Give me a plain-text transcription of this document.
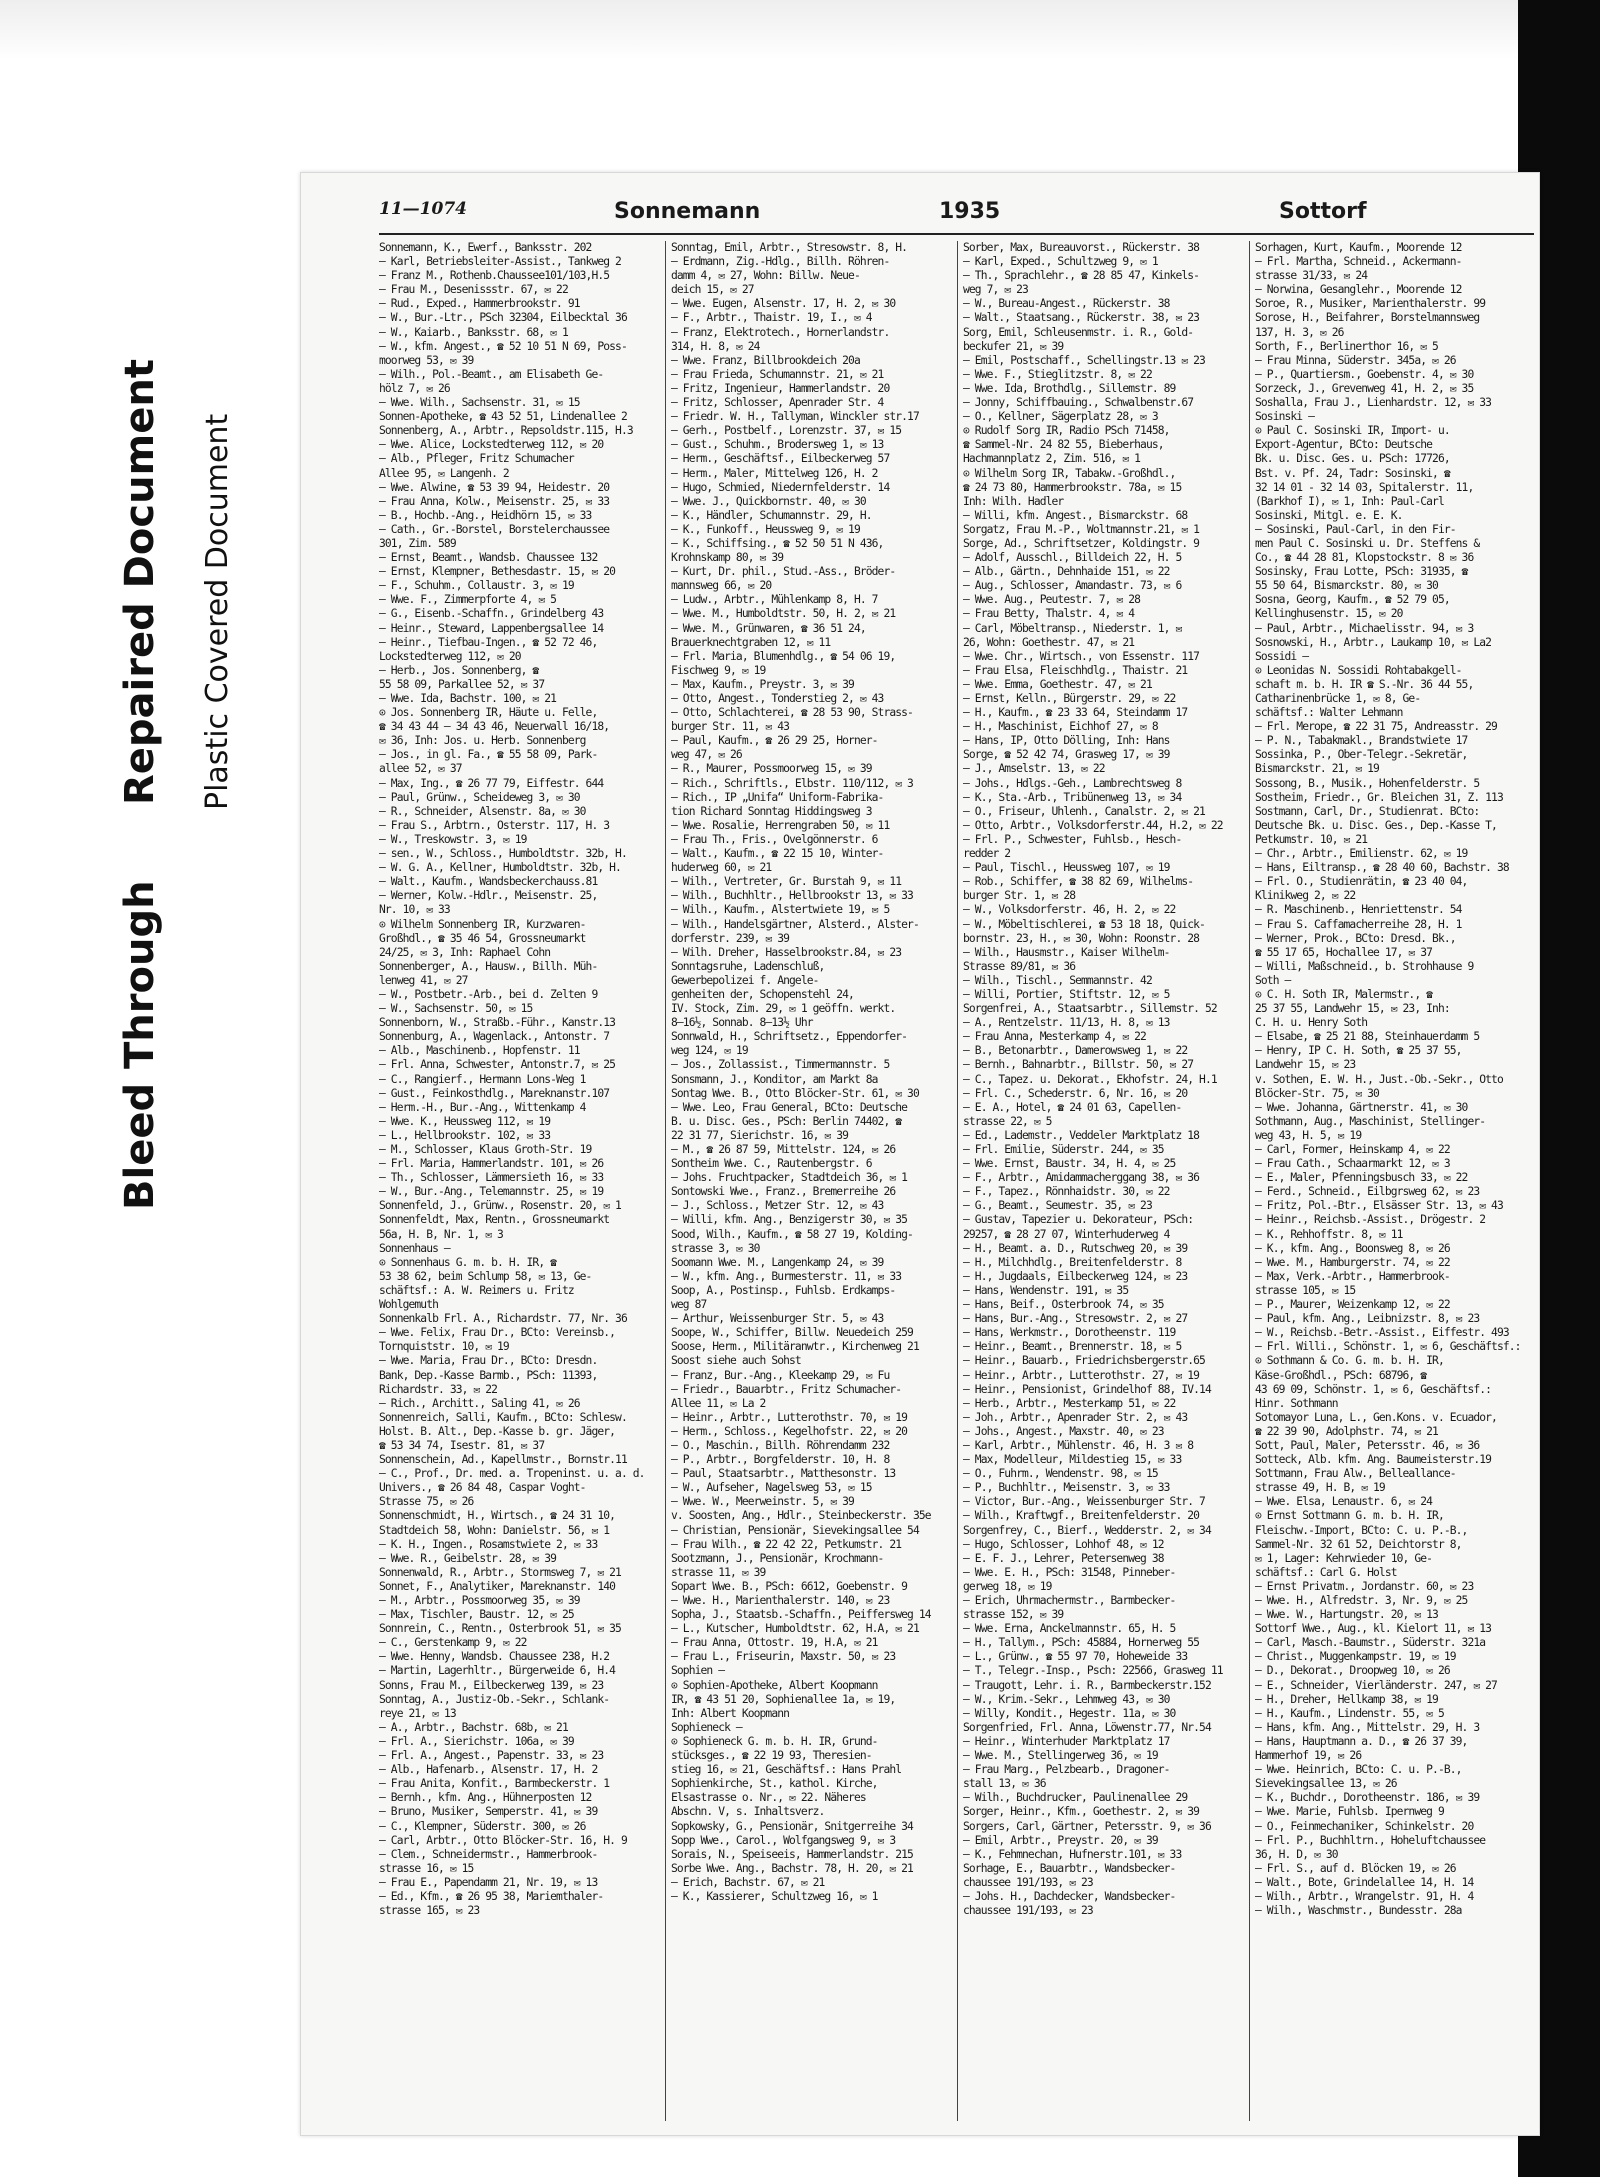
Bleed Through
Repaired Document Plastic Covered Document
11—1074	Sonnemann	1935	Sottorf
Sonnemann, K., Ewerf., Banksstr. 202
— Karl, Betriebsleiter-Assist., Tankweg 2
— Franz M., Rothenb.Chaussee101/103,H.5
— Frau M., Desenissstr. 67, ✉ 22
— Rud., Exped., Hammerbrookstr. 91
— W., Bur.-Ltr., PSch 32304, Eilbecktal 36
— W., Kaiarb., Banksstr. 68, ✉ 1
— W., kfm. Angest., ☎ 52 10 51 N 69, Poss-
moorweg 53, ✉ 39
— Wilh., Pol.-Beamt., am Elisabeth Ge-
hölz 7, ✉ 26
— Wwe. Wilh., Sachsenstr. 31, ✉ 15
Sonnen-Apotheke, ☎ 43 52 51, Lindenallee 2
Sonnenberg, A., Arbtr., Repsoldstr.115, H.3
— Wwe. Alice, Lockstedterweg 112, ✉ 20
— Alb., Pfleger, Fritz Schumacher
Allee 95, ✉ Langenh. 2
— Wwe. Alwine, ☎ 53 39 94, Heidestr. 20
— Frau Anna, Kolw., Meisenstr. 25, ✉ 33
— B., Hochb.-Ang., Heidhörn 15, ✉ 33
— Cath., Gr.-Borstel, Borstelerchaussee
301, Zim. 589
— Ernst, Beamt., Wandsb. Chaussee 132
— Ernst, Klempner, Bethesdastr. 15, ✉ 20
— F., Schuhm., Collaustr. 3, ✉ 19
— Wwe. F., Zimmerpforte 4, ✉ 5
— G., Eisenb.-Schaffn., Grindelberg 43
— Heinr., Steward, Lappenbergsallee 14
— Heinr., Tiefbau-Ingen., ☎ 52 72 46,
Lockstedterweg 112, ✉ 20
— Herb., Jos. Sonnenberg, ☎
55 58 09, Parkallee 52, ✉ 37
— Wwe. Ida, Bachstr. 100, ✉ 21
⊙ Jos. Sonnenberg IR, Häute u. Felle,
☎ 34 43 44 — 34 43 46, Neuerwall 16/18,
✉ 36, Inh: Jos. u. Herb. Sonnenberg
— Jos., in gl. Fa., ☎ 55 58 09, Park-
allee 52, ✉ 37
— Max, Ing., ☎ 26 77 79, Eiffestr. 644
— Paul, Grünw., Scheideweg 3, ✉ 30
— R., Schneider, Alsenstr. 8a, ✉ 30
— Frau S., Arbtrn., Osterstr. 117, H. 3
— W., Treskowstr. 3, ✉ 19
— sen., W., Schloss., Humboldtstr. 32b, H.
— W. G. A., Kellner, Humboldtstr. 32b, H.
— Walt., Kaufm., Wandsbeckerchauss.81
— Werner, Kolw.-Hdlr., Meisenstr. 25,
Nr. 10, ✉ 33
⊙ Wilhelm Sonnenberg IR, Kurzwaren-
Großhdl., ☎ 35 46 54, Grossneumarkt
24/25, ✉ 3, Inh: Raphael Cohn
Sonnenberger, A., Hausw., Billh. Müh-
lenweg 41, ✉ 27
— W., Postbetr.-Arb., bei d. Zelten 9
— W., Sachsenstr. 50, ✉ 15
Sonnenborn, W., Straßb.-Führ., Kanstr.13
Sonnenburg, A., Wagenlack., Antonstr. 7
— Alb., Maschinenb., Hopfenstr. 11
— Frl. Anna, Schwester, Antonstr.7, ✉ 25
— C., Rangierf., Hermann Lons-Weg 1
— Gust., Feinkosthdlg., Mareknanstr.107
— Herm.-H., Bur.-Ang., Wittenkamp 4
— Wwe. K., Heussweg 112, ✉ 19
— L., Hellbrookstr. 102, ✉ 33
— M., Schlosser, Klaus Groth-Str. 19
— Frl. Maria, Hammerlandstr. 101, ✉ 26
— Th., Schlosser, Lämmersieth 16, ✉ 33
— W., Bur.-Ang., Telemannstr. 25, ✉ 19
Sonnenfeld, J., Grünw., Rosenstr. 20, ✉ 1
Sonnenfeldt, Max, Rentn., Grossneumarkt
56a, H. B, Nr. 1, ✉ 3
Sonnenhaus —
⊙ Sonnenhaus G. m. b. H. IR, ☎
53 38 62, beim Schlump 58, ✉ 13, Ge-
schäftsf.: A. W. Reimers u. Fritz
Wohlgemuth
Sonnenkalb Frl. A., Richardstr. 77, Nr. 36
— Wwe. Felix, Frau Dr., BCto: Vereinsb.,
Tornquiststr. 10, ✉ 19
— Wwe. Maria, Frau Dr., BCto: Dresdn.
Bank, Dep.-Kasse Barmb., PSch: 11393,
Richardstr. 33, ✉ 22
— Rich., Architt., Saling 41, ✉ 26
Sonnenreich, Salli, Kaufm., BCto: Schlesw.
Holst. B. Alt., Dep.-Kasse b. gr. Jäger,
☎ 53 34 74, Isestr. 81, ✉ 37
Sonnenschein, Ad., Kapellmstr., Bornstr.11
— C., Prof., Dr. med. a. Tropeninst. u. a. d.
Univers., ☎ 26 84 48, Caspar Voght-
Strasse 75, ✉ 26
Sonnenschmidt, H., Wirtsch., ☎ 24 31 10,
Stadtdeich 58, Wohn: Danielstr. 56, ✉ 1
— K. H., Ingen., Rosamstwiete 2, ✉ 33
— Wwe. R., Geibelstr. 28, ✉ 39
Sonnenwald, R., Arbtr., Stormsweg 7, ✉ 21
Sonnet, F., Analytiker, Mareknanstr. 140
— M., Arbtr., Possmoorweg 35, ✉ 39
— Max, Tischler, Baustr. 12, ✉ 25
Sonnrein, C., Rentn., Osterbrook 51, ✉ 35
— C., Gerstenkamp 9, ✉ 22
— Wwe. Henny, Wandsb. Chaussee 238, H.2
— Martin, Lagerhltr., Bürgerweide 6, H.4
Sonns, Frau M., Eilbeckerweg 139, ✉ 23
Sonntag, A., Justiz-Ob.-Sekr., Schlank-
reye 21, ✉ 13
— A., Arbtr., Bachstr. 68b, ✉ 21
— Frl. A., Sierichstr. 106a, ✉ 39
— Frl. A., Angest., Papenstr. 33, ✉ 23
— Alb., Hafenarb., Alsenstr. 17, H. 2
— Frau Anita, Konfit., Barmbeckerstr. 1
— Bernh., kfm. Ang., Hühnerposten 12
— Bruno, Musiker, Semperstr. 41, ✉ 39
— C., Klempner, Süderstr. 300, ✉ 26
— Carl, Arbtr., Otto Blöcker-Str. 16, H. 9
— Clem., Schneidermstr., Hammerbrook-
strasse 16, ✉ 15
— Frau E., Papendamm 21, Nr. 19, ✉ 13
— Ed., Kfm., ☎ 26 95 38, Mariemthaler-
strasse 165, ✉ 23
Sonntag, Emil, Arbtr., Stresowstr. 8, H.
— Erdmann, Zig.-Hdlg., Billh. Röhren-
damm 4, ✉ 27, Wohn: Billw. Neue-
deich 15, ✉ 27
— Wwe. Eugen, Alsenstr. 17, H. 2, ✉ 30
— F., Arbtr., Thaistr. 19, I., ✉ 4
— Franz, Elektrotech., Hornerlandstr.
314, H. 8, ✉ 24
— Wwe. Franz, Billbrookdeich 20a
— Frau Frieda, Schumannstr. 21, ✉ 21
— Fritz, Ingenieur, Hammerlandstr. 20
— Fritz, Schlosser, Apenrader Str. 4
— Friedr. W. H., Tallyman, Winckler str.17
— Gerh., Postbelf., Lorenzstr. 37, ✉ 15
— Gust., Schuhm., Brodersweg 1, ✉ 13
— Herm., Geschäftsf., Eilbeckerweg 57
— Herm., Maler, Mittelweg 126, H. 2
— Hugo, Schmied, Niedernfelderstr. 14
— Wwe. J., Quickbornstr. 40, ✉ 30
— K., Händler, Schumannstr. 29, H.
— K., Funkoff., Heussweg 9, ✉ 19
— K., Schiffsing., ☎ 52 50 51 N 436,
Krohnskamp 80, ✉ 39
— Kurt, Dr. phil., Stud.-Ass., Bröder-
mannsweg 66, ✉ 20
— Ludw., Arbtr., Mühlenkamp 8, H. 7
— Wwe. M., Humboldtstr. 50, H. 2, ✉ 21
— Wwe. M., Grünwaren, ☎ 36 51 24,
Brauerknechtgraben 12, ✉ 11
— Frl. Maria, Blumenhdlg., ☎ 54 06 19,
Fischweg 9, ✉ 19
— Max, Kaufm., Preystr. 3, ✉ 39
— Otto, Angest., Tonderstieg 2, ✉ 43
— Otto, Schlachterei, ☎ 28 53 90, Strass-
burger Str. 11, ✉ 43
— Paul, Kaufm., ☎ 26 29 25, Horner-
weg 47, ✉ 26
— R., Maurer, Possmoorweg 15, ✉ 39
— Rich., Schriftls., Elbstr. 110/112, ✉ 3
— Rich., IP „Unifa“ Uniform-Fabrika-
tion Richard Sonntag Hiddingsweg 3
— Wwe. Rosalie, Herrengraben 50, ✉ 11
— Frau Th., Fris., Ovelgönnerstr. 6
— Walt., Kaufm., ☎ 22 15 10, Winter-
huderweg 60, ✉ 21
— Wilh., Vertreter, Gr. Burstah 9, ✉ 11
— Wilh., Buchhltr., Hellbrookstr 13, ✉ 33
— Wilh., Kaufm., Alstertwiete 19, ✉ 5
— Wilh., Handelsgärtner, Alsterd., Alster-
dorferstr. 239, ✉ 39
— Wilh. Dreher, Hasselbrookstr.84, ✉ 23
Sonntagsruhe, Ladenschluß,
Gewerbepolizei f. Angele-
genheiten der, Schopenstehl 24,
IV. Stock, Zim. 29, ✉ 1 geöffn. werkt.
8–16½, Sonnab. 8–13½ Uhr
Sonnwald, H., Schriftsetz., Eppendorfer-
weg 124, ✉ 19
— Jos., Zollassist., Timmermannstr. 5
Sonsmann, J., Konditor, am Markt 8a
Sontag Wwe. B., Otto Blöcker-Str. 61, ✉ 30
— Wwe. Leo, Frau General, BCto: Deutsche
B. u. Disc. Ges., PSch: Berlin 74402, ☎
22 31 77, Sierichstr. 16, ✉ 39
— M., ☎ 26 87 59, Mittelstr. 124, ✉ 26
Sontheim Wwe. C., Rautenbergstr. 6
— Johs. Fruchtpacker, Stadtdeich 36, ✉ 1
Sontowski Wwe., Franz., Bremerreihe 26
— J., Schloss., Metzer Str. 12, ✉ 43
— Willi, kfm. Ang., Benzigerstr 30, ✉ 35
Sood, Wilh., Kaufm., ☎ 58 27 19, Kolding-
strasse 3, ✉ 30
Soomann Wwe. M., Langenkamp 24, ✉ 39
— W., kfm. Ang., Burmesterstr. 11, ✉ 33
Soop, A., Postinsp., Fuhlsb. Erdkamps-
weg 87
— Arthur, Weissenburger Str. 5, ✉ 43
Soope, W., Schiffer, Billw. Neuedeich 259
Soose, Herm., Militäranwtr., Kirchenweg 21
Soost siehe auch Sohst
— Franz, Bur.-Ang., Kleekamp 29, ✉ Fu
— Friedr., Bauarbtr., Fritz Schumacher-
Allee 11, ✉ La 2
— Heinr., Arbtr., Lutterothstr. 70, ✉ 19
— Herm., Schloss., Kegelhofstr. 22, ✉ 20
— O., Maschin., Billh. Röhrendamm 232
— P., Arbtr., Borgfelderstr. 10, H. 8
— Paul, Staatsarbtr., Matthesonstr. 13
— W., Aufseher, Nagelsweg 53, ✉ 15
— Wwe. W., Meerweinstr. 5, ✉ 39
v. Soosten, Ang., Hdlr., Steinbeckerstr. 35e
— Christian, Pensionär, Sievekingsallee 54
— Frau Wilh., ☎ 22 42 22, Petkumstr. 21
Sootzmann, J., Pensionär, Krochmann-
strasse 11, ✉ 39
Sopart Wwe. B., PSch: 6612, Goebenstr. 9
— Wwe. H., Marienthalerstr. 140, ✉ 23
Sopha, J., Staatsb.-Schaffn., Peiffersweg 14
— L., Kutscher, Humboldtstr. 62, H.A, ✉ 21
— Frau Anna, Ottostr. 19, H.A, ✉ 21
— Frau L., Friseurin, Maxstr. 50, ✉ 23
Sophien —
⊙ Sophien-Apotheke, Albert Koopmann
IR, ☎ 43 51 20, Sophienallee 1a, ✉ 19,
Inh: Albert Koopmann
Sophieneck —
⊙ Sophieneck G. m. b. H. IR, Grund-
stücksges., ☎ 22 19 93, Theresien-
stieg 16, ✉ 21, Geschäftsf.: Hans Prahl
Sophienkirche, St., kathol. Kirche,
Elsastrasse o. Nr., ✉ 22. Näheres
Abschn. V, s. Inhaltsverz.
Sopkowsky, G., Pensionär, Snitgerreihe 34
Sopp Wwe., Carol., Wolfgangsweg 9, ✉ 3
Sorais, N., Speiseeis, Hammerlandstr. 215
Sorbe Wwe. Ang., Bachstr. 78, H. 20, ✉ 21
— Erich, Bachstr. 67, ✉ 21
— K., Kassierer, Schultzweg 16, ✉ 1
Sorber, Max, Bureauvorst., Rückerstr. 38
— Karl, Exped., Schultzweg 9, ✉ 1
— Th., Sprachlehr., ☎ 28 85 47, Kinkels-
weg 7, ✉ 23
— W., Bureau-Angest., Rückerstr. 38
— Walt., Staatsang., Rückerstr. 38, ✉ 23
Sorg, Emil, Schleusenmstr. i. R., Gold-
beckufer 21, ✉ 39
— Emil, Postschaff., Schellingstr.13 ✉ 23
— Wwe. F., Stieglitzstr. 8, ✉ 22
— Wwe. Ida, Brothdlg., Sillemstr. 89
— Jonny, Schiffbauing., Schwalbenstr.67
— O., Kellner, Sägerplatz 28, ✉ 3
⊙ Rudolf Sorg IR, Radio PSch 71458,
☎ Sammel-Nr. 24 82 55, Bieberhaus,
Hachmannplatz 2, Zim. 516, ✉ 1
⊙ Wilhelm Sorg IR, Tabakw.-Großhdl.,
☎ 24 73 80, Hammerbrookstr. 78a, ✉ 15
Inh: Wilh. Hadler
— Willi, kfm. Angest., Bismarckstr. 68
Sorgatz, Frau M.-P., Woltmannstr.21, ✉ 1
Sorge, Ad., Schriftsetzer, Koldingstr. 9
— Adolf, Ausschl., Billdeich 22, H. 5
— Alb., Gärtn., Dehnhaide 151, ✉ 22
— Aug., Schlosser, Amandastr. 73, ✉ 6
— Wwe. Aug., Peutestr. 7, ✉ 28
— Frau Betty, Thalstr. 4, ✉ 4
— Carl, Möbeltransp., Niederstr. 1, ✉
26, Wohn: Goethestr. 47, ✉ 21
— Wwe. Chr., Wirtsch., von Essenstr. 117
— Frau Elsa, Fleischhdlg., Thaistr. 21
— Wwe. Emma, Goethestr. 47, ✉ 21
— Ernst, Kelln., Bürgerstr. 29, ✉ 22
— H., Kaufm., ☎ 23 33 64, Steindamm 17
— H., Maschinist, Eichhof 27, ✉ 8
— Hans, IP, Otto Dölling, Inh: Hans
Sorge, ☎ 52 42 74, Grasweg 17, ✉ 39
— J., Amselstr. 13, ✉ 22
— Johs., Hdlgs.-Geh., Lambrechtsweg 8
— K., Sta.-Arb., Tribünenweg 13, ✉ 34
— O., Friseur, Uhlenh., Canalstr. 2, ✉ 21
— Otto, Arbtr., Volksdorferstr.44, H.2, ✉ 22
— Frl. P., Schwester, Fuhlsb., Hesch-
redder 2
— Paul, Tischl., Heussweg 107, ✉ 19
— Rob., Schiffer, ☎ 38 82 69, Wilhelms-
burger Str. 1, ✉ 28
— W., Volksdorferstr. 46, H. 2, ✉ 22
— W., Möbeltischlerei, ☎ 53 18 18, Quick-
bornstr. 23, H., ✉ 30, Wohn: Roonstr. 28
— Wilh., Hausmstr., Kaiser Wilhelm-
Strasse 89/81, ✉ 36
— Wilh., Tischl., Semmannstr. 42
— Willi, Portier, Stiftstr. 12, ✉ 5
Sorgenfrei, A., Staatsarbtr., Sillemstr. 52
— A., Rentzelstr. 11/13, H. 8, ✉ 13
— Frau Anna, Mesterkamp 4, ✉ 22
— B., Betonarbtr., Damerowsweg 1, ✉ 22
— Bernh., Bahnarbtr., Billstr. 50, ✉ 27
— C., Tapez. u. Dekorat., Ekhofstr. 24, H.1
— Frl. C., Schederstr. 6, Nr. 16, ✉ 20
— E. A., Hotel, ☎ 24 01 63, Capellen-
strasse 22, ✉ 5
— Ed., Lademstr., Veddeler Marktplatz 18
— Frl. Emilie, Süderstr. 244, ✉ 35
— Wwe. Ernst, Baustr. 34, H. 4, ✉ 25
— F., Arbtr., Amidammacherggang 38, ✉ 36
— F., Tapez., Rönnhaidstr. 30, ✉ 22
— G., Beamt., Seumestr. 35, ✉ 23
— Gustav, Tapezier u. Dekorateur, PSch:
29257, ☎ 28 27 07, Winterhuderweg 4
— H., Beamt. a. D., Rutschweg 20, ✉ 39
— H., Milchhdlg., Breitenfelderstr. 8
— H., Jugdaals, Eilbeckerweg 124, ✉ 23
— Hans, Wendenstr. 191, ✉ 35
— Hans, Beif., Osterbrook 74, ✉ 35
— Hans, Bur.-Ang., Stresowstr. 2, ✉ 27
— Hans, Werkmstr., Dorotheenstr. 119
— Heinr., Beamt., Brennerstr. 18, ✉ 5
— Heinr., Bauarb., Friedrichsbergerstr.65
— Heinr., Arbtr., Lutterothstr. 27, ✉ 19
— Heinr., Pensionist, Grindelhof 88, IV.14
— Herb., Arbtr., Mesterkamp 51, ✉ 22
— Joh., Arbtr., Apenrader Str. 2, ✉ 43
— Johs., Angest., Maxstr. 40, ✉ 23
— Karl, Arbtr., Mühlenstr. 46, H. 3 ✉ 8
— Max, Modelleur, Mildestieg 15, ✉ 33
— O., Fuhrm., Wendenstr. 98, ✉ 15
— P., Buchhltr., Meisenstr. 3, ✉ 33
— Victor, Bur.-Ang., Weissenburger Str. 7
— Wilh., Kraftwgf., Breitenfelderstr. 20
Sorgenfrey, C., Bierf., Wedderstr. 2, ✉ 34
— Hugo, Schlosser, Lohhof 48, ✉ 12
— E. F. J., Lehrer, Petersenweg 38
— Wwe. E. H., PSch: 31548, Pinneber-
gerweg 18, ✉ 19
— Erich, Uhrmachermstr., Barmbecker-
strasse 152, ✉ 39
— Wwe. Erna, Anckelmannstr. 65, H. 5
— H., Tallym., PSch: 45884, Hornerweg 55
— L., Grünw., ☎ 55 97 70, Hoheweide 33
— T., Telegr.-Insp., Psch: 22566, Grasweg 11
— Traugott, Lehr. i. R., Barmbeckerstr.152
— W., Krim.-Sekr., Lehmweg 43, ✉ 30
— Willy, Kondit., Hegestr. 11a, ✉ 30
Sorgenfried, Frl. Anna, Löwenstr.77, Nr.54
— Heinr., Winterhuder Marktplatz 17
— Wwe. M., Stellingerweg 36, ✉ 19
— Frau Marg., Pelzbearb., Dragoner-
stall 13, ✉ 36
— Wilh., Buchdrucker, Paulinenallee 29
Sorger, Heinr., Kfm., Goethestr. 2, ✉ 39
Sorgers, Carl, Gärtner, Petersstr. 9, ✉ 36
— Emil, Arbtr., Preystr. 20, ✉ 39
— K., Fehmnechan, Hufnerstr.101, ✉ 33
Sorhage, E., Bauarbtr., Wandsbecker-
chaussee 191/193, ✉ 23
— Johs. H., Dachdecker, Wandsbecker-
chaussee 191/193, ✉ 23
Sorhagen, Kurt, Kaufm., Moorende 12
— Frl. Martha, Schneid., Ackermann-
strasse 31/33, ✉ 24
— Norwina, Gesanglehr., Moorende 12
Soroe, R., Musiker, Marienthalerstr. 99
Sorose, H., Beifahrer, Borstelmannsweg
137, H. 3, ✉ 26
Sorth, F., Berlinerthor 16, ✉ 5
— Frau Minna, Süderstr. 345a, ✉ 26
— P., Quartiersm., Goebenstr. 4, ✉ 30
Sorzeck, J., Grevenweg 41, H. 2, ✉ 35
Soshalla, Frau J., Lienhardstr. 12, ✉ 33
Sosinski —
⊙ Paul C. Sosinski IR, Import- u.
Export-Agentur, BCto: Deutsche
Bk. u. Disc. Ges. u. PSch: 17726,
Bst. v. Pf. 24, Tadr: Sosinski, ☎
32 14 01 - 32 14 03, Spitalerstr. 11,
(Barkhof I), ✉ 1, Inh: Paul-Carl
Sosinski, Mitgl. e. E. K.
— Sosinski, Paul-Carl, in den Fir-
men Paul C. Sosinski u. Dr. Steffens &
Co., ☎ 44 28 81, Klopstockstr. 8 ✉ 36
Sosinsky, Frau Lotte, PSch: 31935, ☎
55 50 64, Bismarckstr. 80, ✉ 30
Sosna, Georg, Kaufm., ☎ 52 79 05,
Kellinghusenstr. 15, ✉ 20
— Paul, Arbtr., Michaelisstr. 94, ✉ 3
Sosnowski, H., Arbtr., Laukamp 10, ✉ La2
Sossidi —
⊙ Leonidas N. Sossidi Rohtabakgell-
schaft m. b. H. IR ☎ S.-Nr. 36 44 55,
Catharinenbrücke 1, ✉ 8, Ge-
schäftsf.: Walter Lehmann
— Frl. Merope, ☎ 22 31 75, Andreasstr. 29
— P. N., Tabakmakl., Brandstwiete 17
Sossinka, P., Ober-Telegr.-Sekretär,
Bismarckstr. 21, ✉ 19
Sossong, B., Musik., Hohenfelderstr. 5
Sostheim, Friedr., Gr. Bleichen 31, Z. 113
Sostmann, Carl, Dr., Studienrat. BCto:
Deutsche Bk. u. Disc. Ges., Dep.-Kasse T,
Petkumstr. 10, ✉ 21
— Chr., Arbtr., Emilienstr. 62, ✉ 19
— Hans, Eiltransp., ☎ 28 40 60, Bachstr. 38
— Frl. O., Studienrätin, ☎ 23 40 04,
Klinikweg 2, ✉ 22
— R. Maschinenb., Henriettenstr. 54
— Frau S. Caffamacherreihe 28, H. 1
— Werner, Prok., BCto: Dresd. Bk.,
☎ 55 17 65, Hochallee 17, ✉ 37
— Willi, Maßschneid., b. Strohhause 9
Soth —
⊙ C. H. Soth IR, Malermstr., ☎
25 37 55, Landwehr 15, ✉ 23, Inh:
C. H. u. Henry Soth
— Elsabe, ☎ 25 21 88, Steinhauerdamm 5
— Henry, IP C. H. Soth, ☎ 25 37 55,
Landwehr 15, ✉ 23
v. Sothen, E. W. H., Just.-Ob.-Sekr., Otto
Blöcker-Str. 75, ✉ 30
— Wwe. Johanna, Gärtnerstr. 41, ✉ 30
Sothmann, Aug., Maschinist, Stellinger-
weg 43, H. 5, ✉ 19
— Carl, Former, Heinskamp 4, ✉ 22
— Frau Cath., Schaarmarkt 12, ✉ 3
— E., Maler, Pfenningsbusch 33, ✉ 22
— Ferd., Schneid., Eilbgrsweg 62, ✉ 23
— Fritz, Pol.-Btr., Elsässer Str. 13, ✉ 43
— Heinr., Reichsb.-Assist., Drögestr. 2
— K., Rehhoffstr. 8, ✉ 11
— K., kfm. Ang., Boonsweg 8, ✉ 26
— Wwe. M., Hamburgerstr. 74, ✉ 22
— Max, Verk.-Arbtr., Hammerbrook-
strasse 105, ✉ 15
— P., Maurer, Weizenkamp 12, ✉ 22
— Paul, kfm. Ang., Leibnizstr. 8, ✉ 23
— W., Reichsb.-Betr.-Assist., Eiffestr. 493
— Frl. Willi., Schönstr. 1, ✉ 6, Geschäftsf.:
⊙ Sothmann & Co. G. m. b. H. IR,
Käse-Großhdl., PSch: 68796, ☎
43 69 09, Schönstr. 1, ✉ 6, Geschäftsf.:
Hinr. Sothmann
Sotomayor Luna, L., Gen.Kons. v. Ecuador,
☎ 22 39 90, Adolphstr. 74, ✉ 21
Sott, Paul, Maler, Petersstr. 46, ✉ 36
Sotteck, Alb. kfm. Ang. Baumeisterstr.19
Sottmann, Frau Alw., Belleallance-
strasse 49, H. B, ✉ 19
— Wwe. Elsa, Lenaustr. 6, ✉ 24
⊙ Ernst Sottmann G. m. b. H. IR,
Fleischw.-Import, BCto: C. u. P.-B.,
Sammel-Nr. 32 61 52, Deichtorstr 8,
✉ 1, Lager: Kehrwieder 10, Ge-
schäftsf.: Carl G. Holst
— Ernst Privatm., Jordanstr. 60, ✉ 23
— Wwe. H., Alfredstr. 3, Nr. 9, ✉ 25
— Wwe. W., Hartungstr. 20, ✉ 13
Sottorf Wwe., Aug., kl. Kielort 11, ✉ 13
— Carl, Masch.-Baumstr., Süderstr. 321a
— Christ., Muggenkampstr. 19, ✉ 19
— D., Dekorat., Droopweg 10, ✉ 26
— E., Schneider, Vierländerstr. 247, ✉ 27
— H., Dreher, Hellkamp 38, ✉ 19
— H., Kaufm., Lindenstr. 55, ✉ 5
— Hans, kfm. Ang., Mittelstr. 29, H. 3
— Hans, Hauptmann a. D., ☎ 26 37 39,
Hammerhof 19, ✉ 26
— Wwe. Heinrich, BCto: C. u. P.-B.,
Sievekingsallee 13, ✉ 26
— K., Buchdr., Dorotheenstr. 186, ✉ 39
— Wwe. Marie, Fuhlsb. Ipernweg 9
— O., Feinmechaniker, Schinkelstr. 20
— Frl. P., Buchhltrn., Hoheluftchaussee
36, H. D, ✉ 30
— Frl. S., auf d. Blöcken 19, ✉ 26
— Walt., Bote, Grindelallee 14, H. 14
— Wilh., Arbtr., Wrangelstr. 91, H. 4
— Wilh., Waschmstr., Bundesstr. 28a
